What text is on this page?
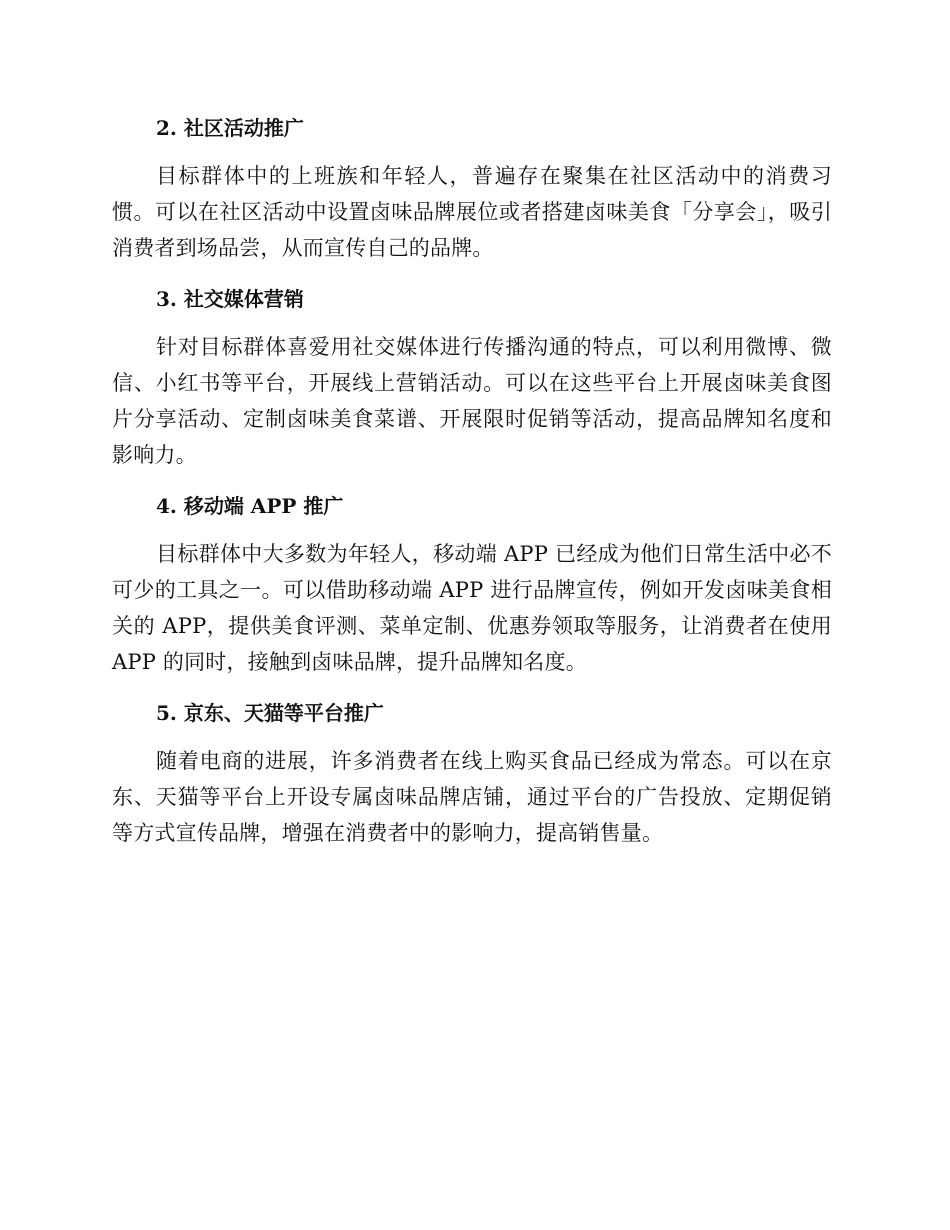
2. 社区活动推广

目标群体中的上班族和年轻人，普遍存在聚集在社区活动中的消费习惯。可以在社区活动中设置卤味品牌展位或者搭建卤味美食「分享会」，吸引消费者到场品尝，从而宣传自己的品牌。

3. 社交媒体营销

针对目标群体喜爱用社交媒体进行传播沟通的特点，可以利用微博、微信、小红书等平台，开展线上营销活动。可以在这些平台上开展卤味美食图片分享活动、定制卤味美食菜谱、开展限时促销等活动，提高品牌知名度和影响力。

4. 移动端 APP 推广

目标群体中大多数为年轻人，移动端 APP 已经成为他们日常生活中必不可少的工具之一。可以借助移动端 APP 进行品牌宣传，例如开发卤味美食相关的 APP，提供美食评测、菜单定制、优惠券领取等服务，让消费者在使用 APP 的同时，接触到卤味品牌，提升品牌知名度。

5. 京东、天猫等平台推广

随着电商的进展，许多消费者在线上购买食品已经成为常态。可以在京东、天猫等平台上开设专属卤味品牌店铺，通过平台的广告投放、定期促销等方式宣传品牌，增强在消费者中的影响力，提高销售量。
